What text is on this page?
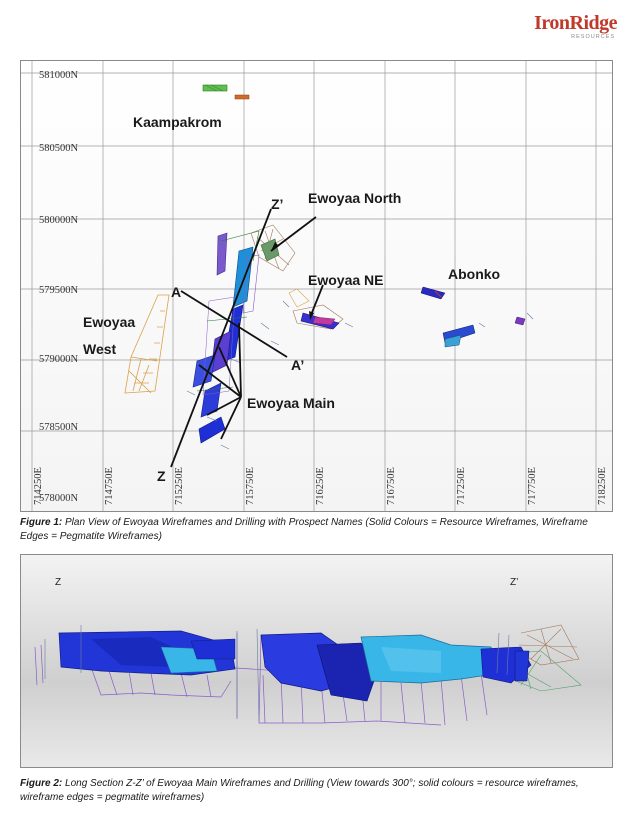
IronRidge
RESOURCES
581000N
580500N
580000N
579500N
579000N
578500N
578000N
714250E	714750E	715250E	715750E	716250E	716750E	717250E	717750E	718250E
Z’
A
A’
Z
Kaampakrom
Ewoyaa North
Ewoyaa NE	Abonko
Ewoyaa
West
Ewoyaa Main
Figure 1: Plan View of Ewoyaa Wireframes and Drilling with Prospect Names (Solid Colours = Resource Wireframes, Wireframe Edges = Pegmatite Wireframes)
Z	Z’
Figure 2: Long Section Z-Z’ of Ewoyaa Main Wireframes and Drilling (View towards 300°; solid colours = resource wireframes, wireframe edges = pegmatite wireframes)
